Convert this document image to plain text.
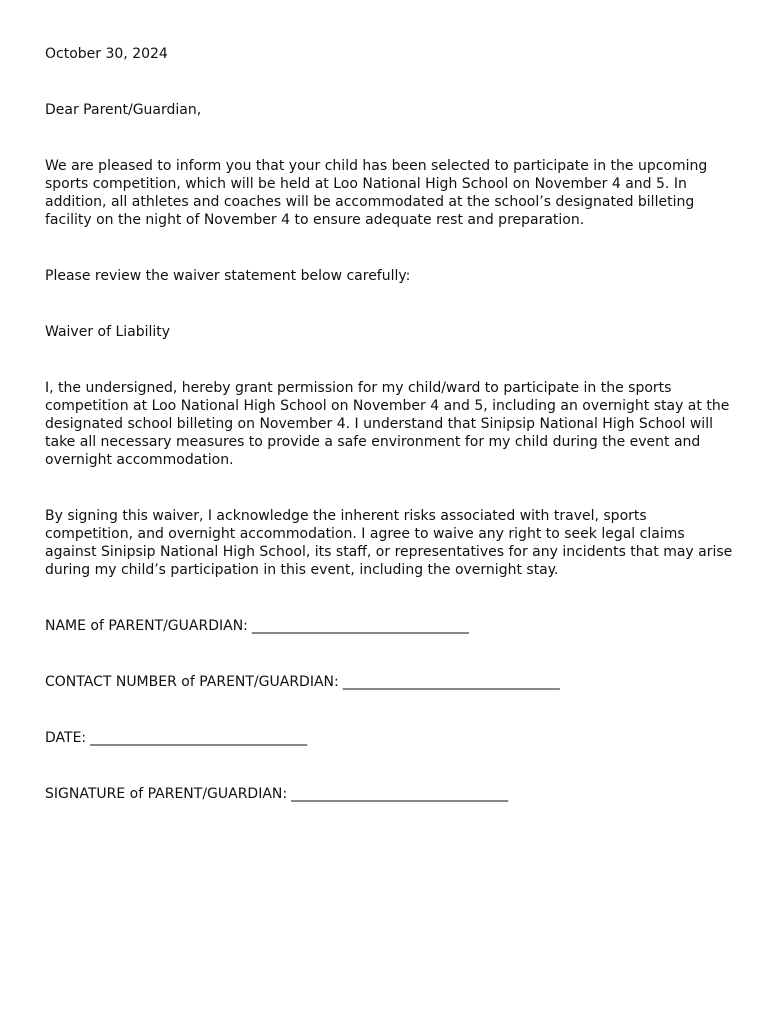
October 30, 2024

Dear Parent/Guardian,

We are pleased to inform you that your child has been selected to participate in the upcoming sports competition, which will be held at Loo National High School on November 4 and 5. In addition, all athletes and coaches will be accommodated at the school’s designated billeting facility on the night of November 4 to ensure adequate rest and preparation.

Please review the waiver statement below carefully:

Waiver of Liability

I, the undersigned, hereby grant permission for my child/ward to participate in the sports competition at Loo National High School on November 4 and 5, including an overnight stay at the designated school billeting on November 4. I understand that Sinipsip National High School will take all necessary measures to provide a safe environment for my child during the event and overnight accommodation.

By signing this waiver, I acknowledge the inherent risks associated with travel, sports competition, and overnight accommodation. I agree to waive any right to seek legal claims against Sinipsip National High School, its staff, or representatives for any incidents that may arise during my child’s participation in this event, including the overnight stay.

NAME of PARENT/GUARDIAN: _______________________________

CONTACT NUMBER of PARENT/GUARDIAN: _______________________________

DATE: _______________________________

SIGNATURE of PARENT/GUARDIAN: _______________________________
